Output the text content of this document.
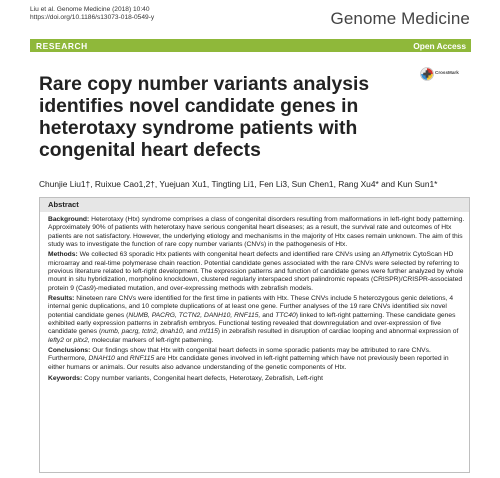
Liu et al. Genome Medicine (2018) 10:40
https://doi.org/10.1186/s13073-018-0549-y	Genome Medicine
RESEARCH	Open Access
Rare copy number variants analysis identifies novel candidate genes in heterotaxy syndrome patients with congenital heart defects
CrossMark
Chunjie Liu1†, Ruixue Cao1,2†, Yuejuan Xu1, Tingting Li1, Fen Li3, Sun Chen1, Rang Xu4* and Kun Sun1*
Abstract

Background: Heterotaxy (Htx) syndrome comprises a class of congenital disorders resulting from malformations in left-right body patterning. Approximately 90% of patients with heterotaxy have serious congenital heart diseases; as a result, the survival rate and outcomes of Htx patients are not satisfactory. However, the underlying etiology and mechanisms in the majority of Htx cases remain unknown. The aim of this study was to investigate the function of rare copy number variants (CNVs) in the pathogenesis of Htx.

Methods: We collected 63 sporadic Htx patients with congenital heart defects and identified rare CNVs using an Affymetrix CytoScan HD microarray and real-time polymerase chain reaction. Potential candidate genes associated with the rare CNVs were selected by referring to previous literature related to left-right development. The expression patterns and function of candidate genes were further analyzed by whole mount in situ hybridization, morpholino knockdown, clustered regularly interspaced short palindromic repeats (CRISPR)/CRISPR-associated protein 9 (Cas9)-mediated mutation, and over-expressing methods with zebrafish models.

Results: Nineteen rare CNVs were identified for the first time in patients with Htx. These CNVs include 5 heterozygous genic deletions, 4 internal genic duplications, and 10 complete duplications of at least one gene. Further analyses of the 19 rare CNVs identified six novel potential candidate genes (NUMB, PACRG, TCTN2, DANH10, RNF115, and TTC40) linked to left-right patterning. These candidate genes exhibited early expression patterns in zebrafish embryos. Functional testing revealed that downregulation and over-expression of five candidate genes (numb, pacrg, tctn2, dnah10, and rnf115) in zebrafish resulted in disruption of cardiac looping and abnormal expression of lefty2 or pitx2, molecular markers of left-right patterning.

Conclusions: Our findings show that Htx with congenital heart defects in some sporadic patients may be attributed to rare CNVs. Furthermore, DNAH10 and RNF115 are Htx candidate genes involved in left-right patterning which have not previously been reported in either humans or animals. Our results also advance understanding of the genetic components of Htx.

Keywords: Copy number variants, Congenital heart defects, Heterotaxy, Zebrafish, Left-right
